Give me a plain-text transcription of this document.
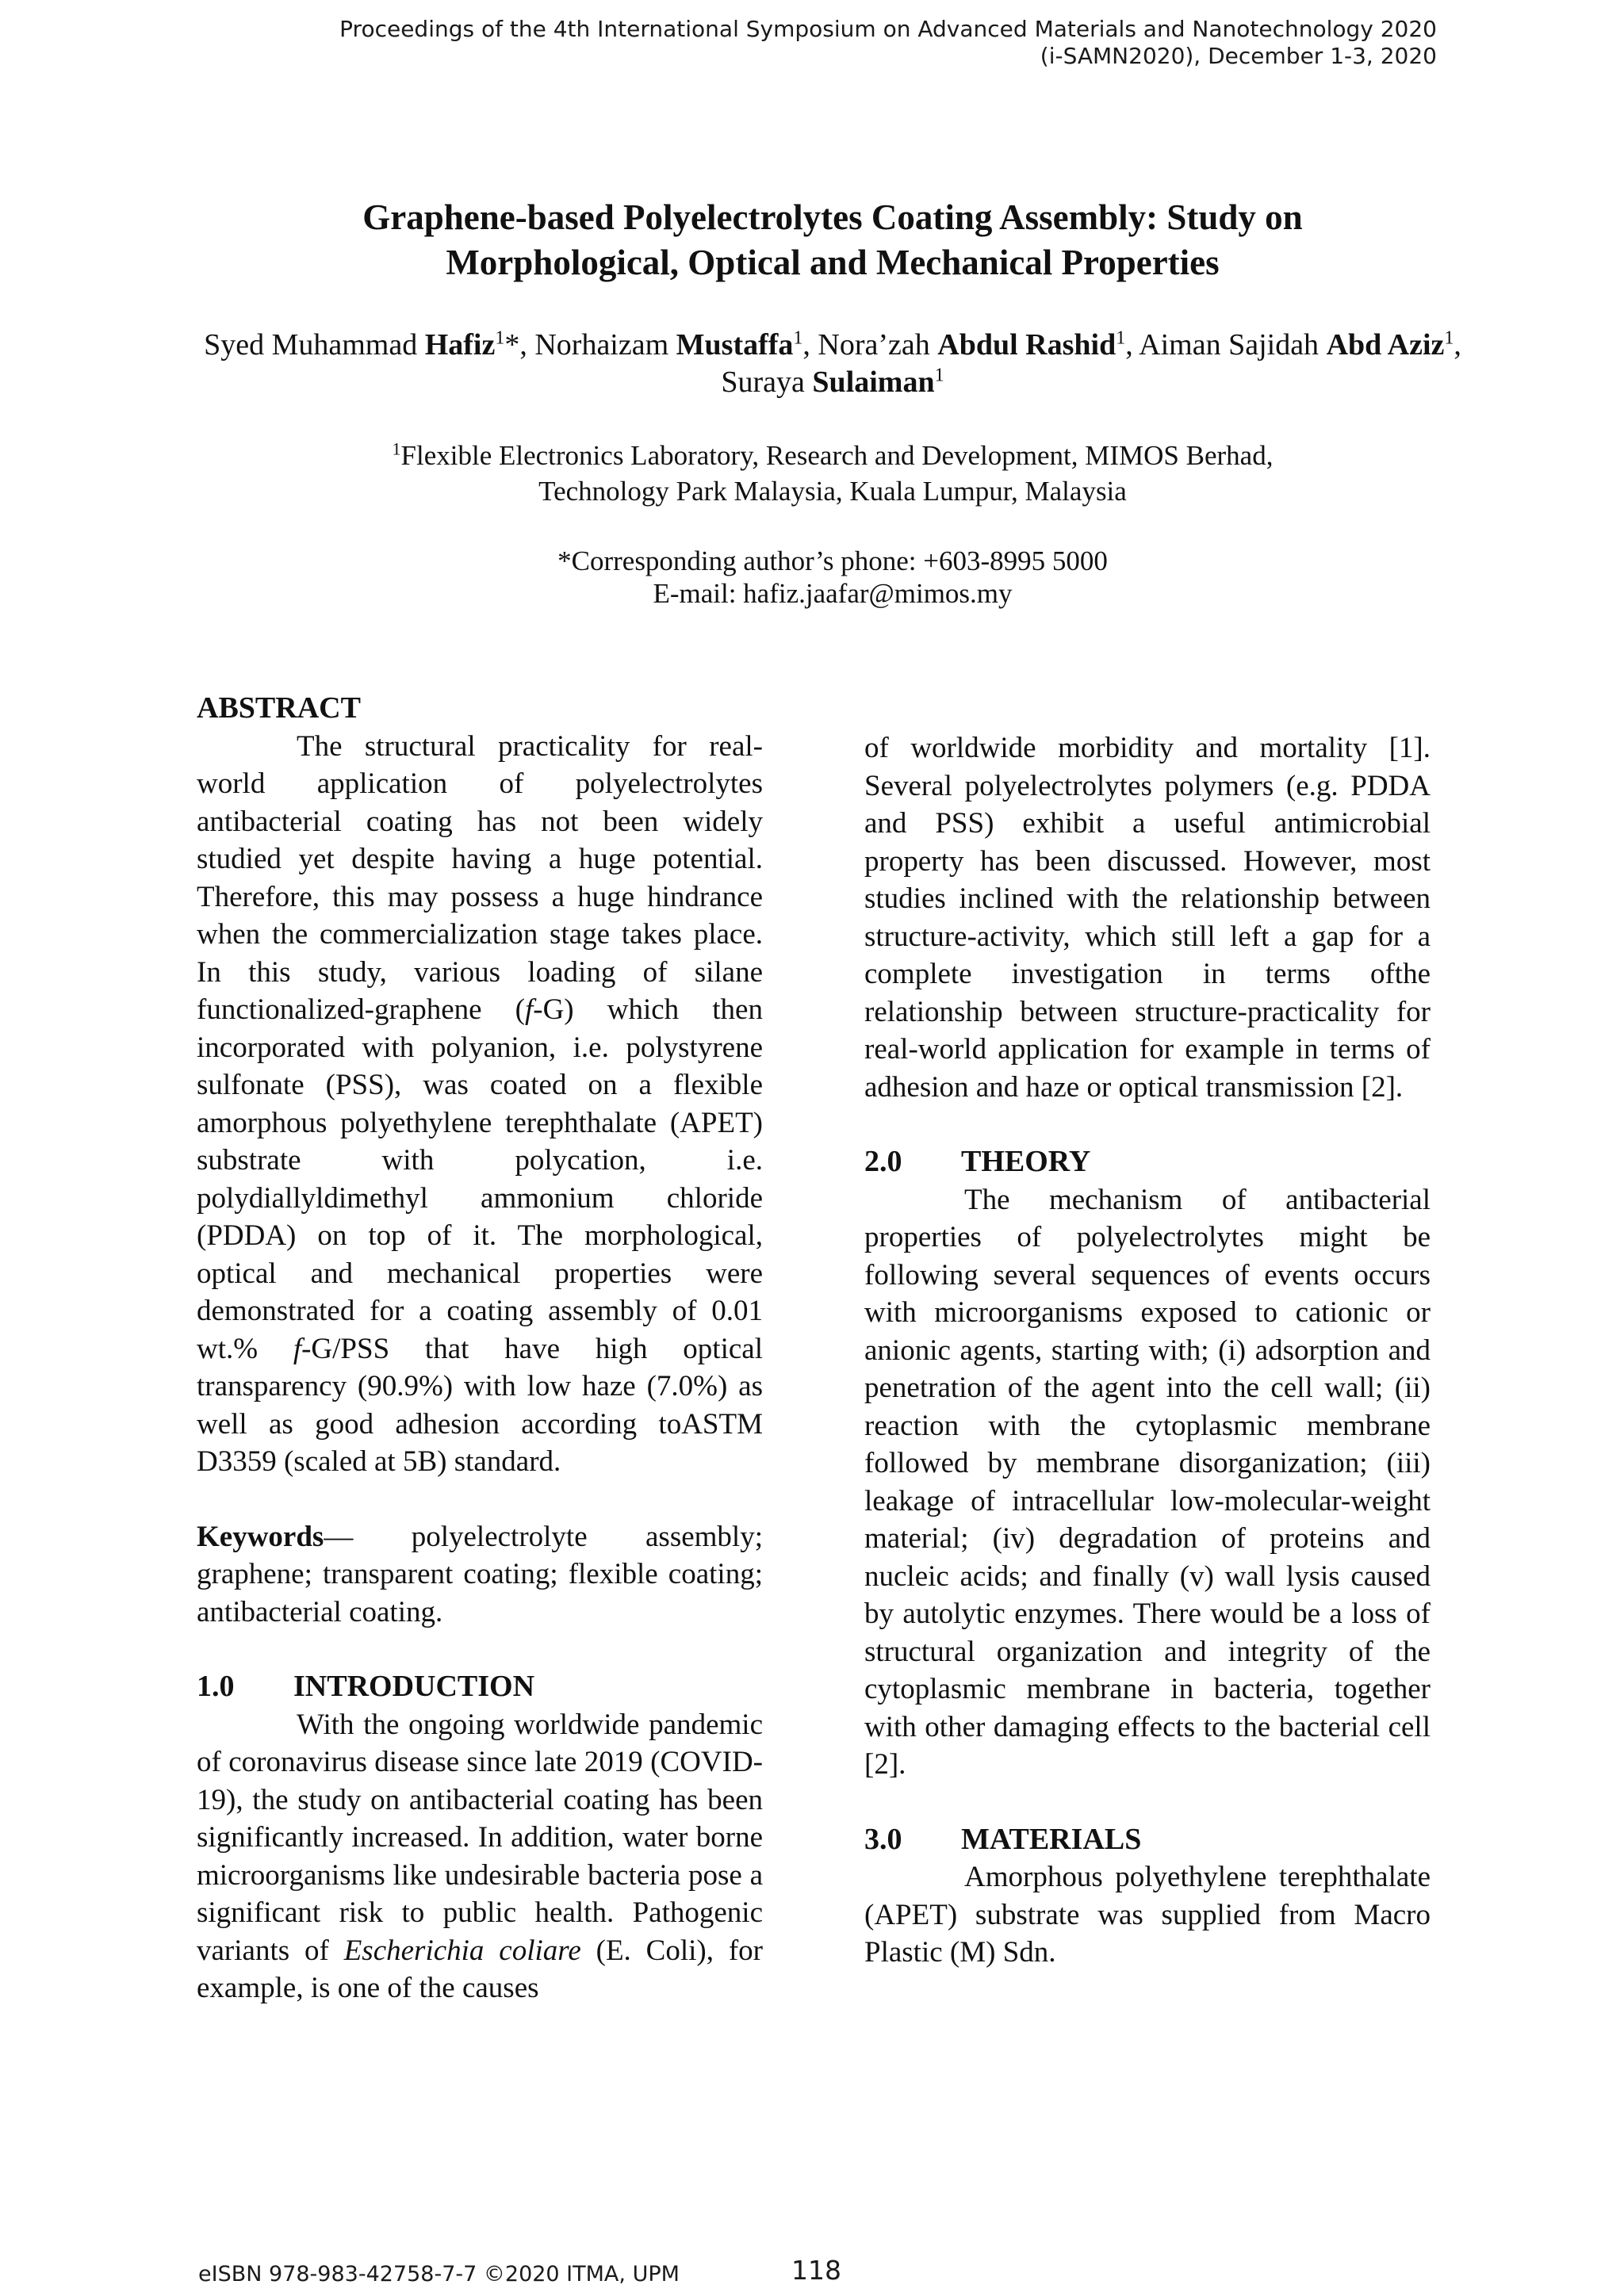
Proceedings of the 4th International Symposium on Advanced Materials and Nanotechnology 2020
(i-SAMN2020), December 1-3, 2020
Graphene-based Polyelectrolytes Coating Assembly: Study on
Morphological, Optical and Mechanical Properties
Syed Muhammad Hafiz$^1$*, Norhaizam Mustaffa$^1$, Nora’zah Abdul Rashid$^1$, Aiman Sajidah Abd Aziz$^1$, Suraya Sulaiman$^1$
$^1$Flexible Electronics Laboratory, Research and Development, MIMOS Berhad,
Technology Park Malaysia, Kuala Lumpur, Malaysia
*Corresponding author’s phone: +603-8995 5000
E-mail: hafiz.jaafar@mimos.my
ABSTRACT

The structural practicality for real-world application of polyelectrolytes antibacterial coating has not been widely studied yet despite having a huge potential. Therefore, this may possess a huge hindrance when the commercialization stage takes place. In this study, various loading of silane functionalized-graphene (f-G) which then incorporated with polyanion, i.e. polystyrene sulfonate (PSS), was coated on a flexible amorphous polyethylene terephthalate (APET) substrate with polycation, i.e. polydiallyldimethyl ammonium chloride (PDDA) on top of it. The morphological, optical and mechanical properties were demonstrated for a coating assembly of 0.01 wt.% f-G/PSS that have high optical transparency (90.9%) with low haze (7.0%) as well as good adhesion according toASTM D3359 (scaled at 5B) standard.

Keywords— polyelectrolyte assembly; graphene; transparent coating; flexible coating; antibacterial coating.

1.0 INTRODUCTION

With the ongoing worldwide pandemic of coronavirus disease since late 2019 (COVID-19), the study on antibacterial coating has been significantly increased. In addition, water borne microorganisms like undesirable bacteria pose a significant risk to public health. Pathogenic variants of Escherichia coliare (E. Coli), for example, is one of the causes

of worldwide morbidity and mortality [1]. Several polyelectrolytes polymers (e.g. PDDA and PSS) exhibit a useful antimicrobial property has been discussed. However, most studies inclined with the relationship between structure-activity, which still left a gap for a complete investigation in terms ofthe relationship between structure-practicality for real-world application for example in terms of adhesion and haze or optical transmission [2].

2.0 THEORY

The mechanism of antibacterial properties of polyelectrolytes might be following several sequences of events occurs with microorganisms exposed to cationic or anionic agents, starting with; (i) adsorption and penetration of the agent into the cell wall; (ii) reaction with the cytoplasmic membrane followed by membrane disorganization; (iii) leakage of intracellular low-molecular-weight material; (iv) degradation of proteins and nucleic acids; and finally (v) wall lysis caused by autolytic enzymes. There would be a loss of structural organization and integrity of the cytoplasmic membrane in bacteria, together with other damaging effects to the bacterial cell [2].

3.0 MATERIALS

Amorphous polyethylene terephthalate (APET) substrate was supplied from Macro Plastic (M) Sdn.

eISBN 978-983-42758-7-7 ©2020 ITMA, UPM	118
